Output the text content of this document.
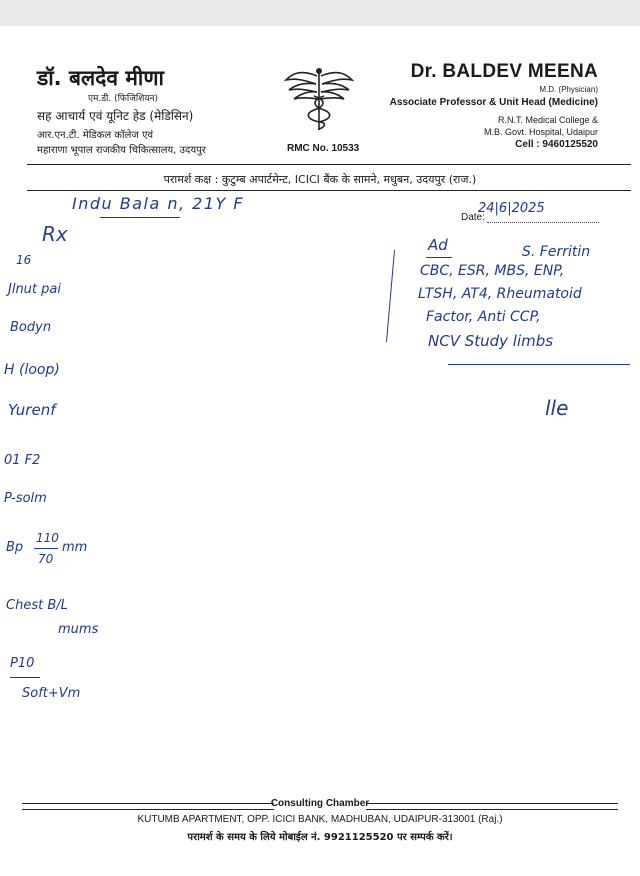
डॉ. बलदेव मीणा
एम.डी. (फिजिशियन)
सह आचार्य एवं यूनिट हेड (मेडिसिन)
आर.एन.टी. मेडिकल कॉलेज एवं
महाराणा भूपाल राजकीय चिकित्सालय, उदयपुर	RMC No. 10533
Dr. BALDEV MEENA
M.D. (Physician)
Associate Professor & Unit Head (Medicine)
R.N.T. Medical College &
M.B. Govt. Hospital, Udaipur
Cell : 9460125520
परामर्श कक्ष : कुटुम्ब अपार्टमेन्ट, ICICI बैंक के सामने, मधुबन, उदयपुर (राज.)
Indu Bala n, 21Y F
Date:
24|6|2025
Rx
16
Jlnut pai
Bodyn
H (loop)
Yurenf
01 F2
P-solm
Bp
110
70
mm
Chest B/L
mums
P10
Soft+Vm
Ad	S. Ferritin
CBC, ESR, MBS, ENP,
LTSH, AT4, Rheumatoid
Factor, Anti CCP,
NCV Study limbs
lle
Consulting Chamber
KUTUMB APARTMENT, OPP. ICICI BANK, MADHUBAN, UDAIPUR-313001 (Raj.)
परामर्श के समय के लिये मोबाईल नं. 9921125520 पर सम्पर्क करें।
